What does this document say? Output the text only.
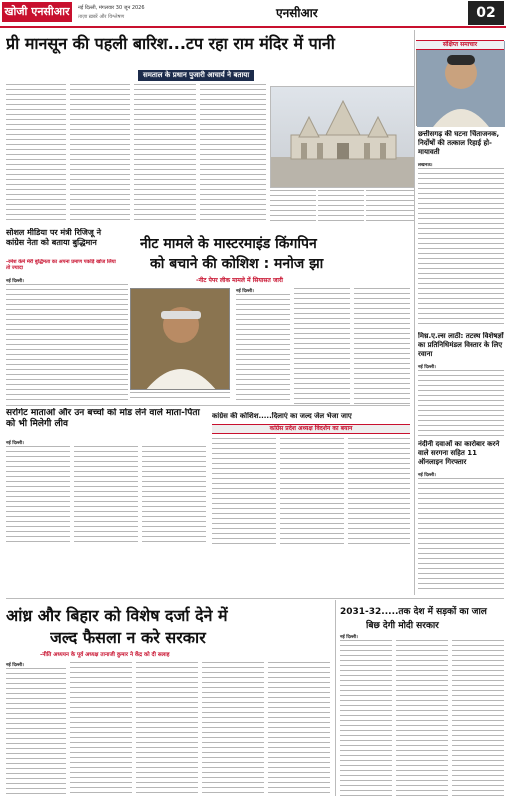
खोजी एनसीआर	नई दिल्ली, मंगलवार 30 जून 2026
ताज़ा ख़बरें और विश्लेषण	एनसीआर	02
प्री मानसून की पहली बारिश...टप रहा राम मंदिर में पानी
समताल के प्रधान पुजारी आचार्य ने बताया
संक्षिप्त समाचार
छत्तीसगढ़ की घटना चिंताजनक, निर्दोषों की तत्काल रिहाई हो-मायावती
लखनऊ।
मिथ्र.ए.ल्स लाठी: तटस्थ विशेषज्ञों का प्रतिनिधिमंडल विस्तार के लिए रवाना
नई दिल्ली।
नंदीनी दवाओं का कारोबार करने वाले सरगना सहित 11 ऑनलाइन गिरफ्तार
नई दिल्ली।
सोशल मीडिया पर मंत्री रिजिजू ने कांग्रेस नेता को बताया बुद्धिमान
-रमेश केमे मेरी बुद्धिमता का अपना प्रमाण पकड़ि खोज लिया तो ज्यादा
नई दिल्ली।
नीट मामले के मास्टरमाइंड किंगपिन
को बचाने की कोशिश : मनोज झा
-नीट पेपर लीक मामले में सियासत जारी
नई दिल्ली।
सरोगेट माताओं और उन बच्चों को मोड लेने वाले माता-पिता को भी मिलेगी लीव
नई दिल्ली।
कांग्रेस की कोशिश.....दिलाएं का जल्द जेल भेजा जाए
कांग्रेस प्रदेश अध्यक्ष विदर्शन का बयान
आंध्र और बिहार को विशेष दर्जा देने में
जल्द फैसला न करे सरकार
-नीति अध्ययन के पूर्व अध्यक्ष तानाजी कुमार ने केंद्र को दी सलाह
नई दिल्ली।
2031-32.....तक देश में सड़कों का जाल
बिछ देगी मोदी सरकार
नई दिल्ली।
